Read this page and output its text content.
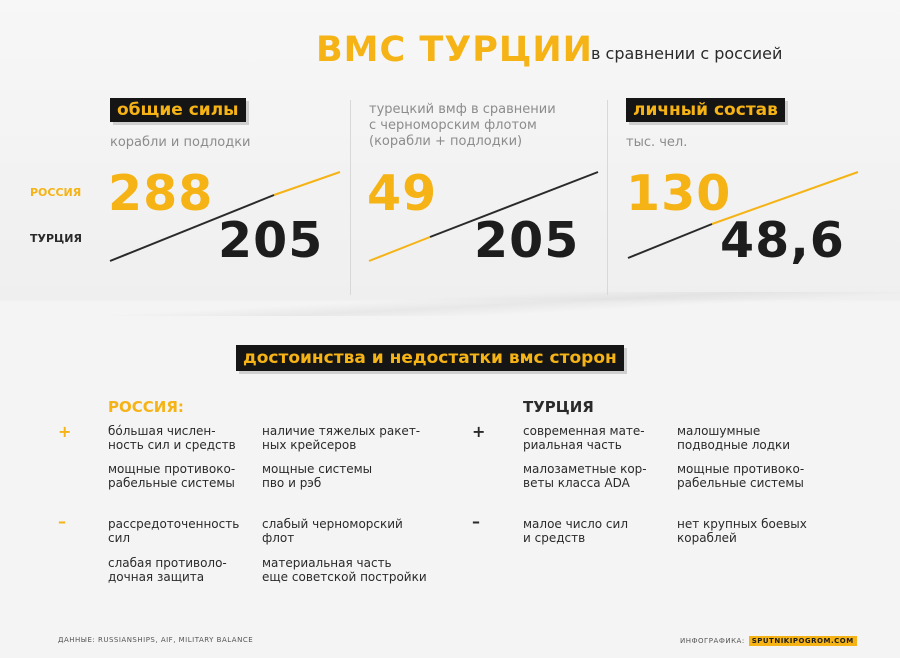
ВМС ТУРЦИИ
в сравнении с россией
общие силы
корабли и подлодки
РОССИЯ
ТУРЦИЯ
288
205
турецкий вмф в сравнении
с черноморским флотом
(корабли + подлодки)
49
205
личный состав
тыс. чел.
130
48,6
достоинства и недостатки вмс сторон
РОССИЯ:	ТУРЦИЯ
+
–
+
–
бóльшая числен-
ность сил и средств
наличие тяжелых ракет-
ных крейсеров
мощные противоко-
рабельные системы
мощные системы
пво и рэб
рассредоточенность
сил
слабый черноморский
флот
слабая противоло-
дочная защита
материальная часть
еще советской постройки
современная мате-
риальная часть
малошумные
подводные лодки
малозаметные кор-
веты класса ADA
мощные противоко-
рабельные системы
малое число сил
и средств
нет крупных боевых
кораблей
ДАННЫЕ: RUSSIANSHIPS, AIF, MILITARY BALANCE	ИНФОГРАФИКА: SPUTNIKIPOGROM.COM
